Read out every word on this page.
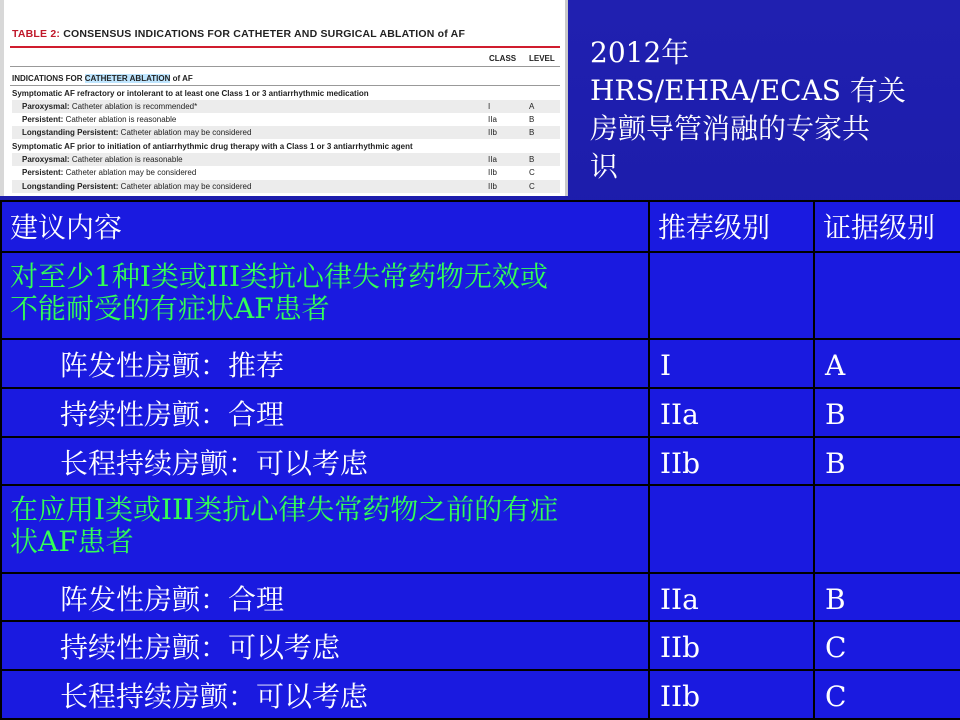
TABLE 2: CONSENSUS INDICATIONS FOR CATHETER AND SURGICAL ABLATION of AF
CLASS LEVEL
INDICATIONS FOR CATHETER ABLATION of AF
Symptomatic AF refractory or intolerant to at least one Class 1 or 3 antiarrhythmic medication
Paroxysmal: Catheter ablation is recommended*	I	A
Persistent: Catheter ablation is reasonable	IIa	B
Longstanding Persistent: Catheter ablation may be considered	IIb	B
Symptomatic AF prior to initiation of antiarrhythmic drug therapy with a Class 1 or 3 antiarrhythmic agent
Paroxysmal: Catheter ablation is reasonable	IIa	B
Persistent: Catheter ablation may be considered	IIb	C
Longstanding Persistent: Catheter ablation may be considered	IIb	C
2012年
HRS/EHRA/ECAS 有关
房颤导管消融的专家共
识
建议内容	推荐级别	证据级别

对至少1种I类或III类抗心律失常药物无效或
不能耐受的有症状AF患者		

阵发性房颤：推荐	I	A
持续性房颤：合理	IIa	B
长程持续房颤：可以考虑	IIb	B

在应用I类或III类抗心律失常药物之前的有症
状AF患者		

阵发性房颤：合理	IIa	B
持续性房颤：可以考虑	IIb	C
长程持续房颤：可以考虑	IIb	C
